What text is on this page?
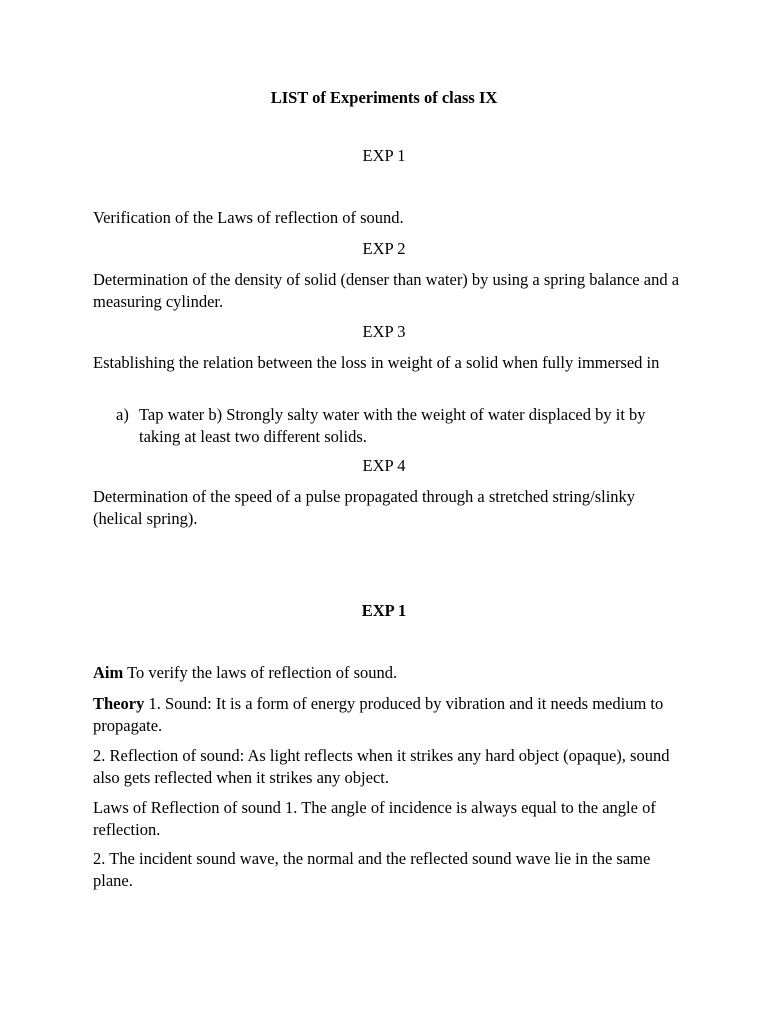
LIST of Experiments of class IX
EXP 1
Verification of the Laws of reflection of sound.
EXP 2
Determination of the density of solid (denser than water) by using a spring balance and a measuring cylinder.
EXP 3
Establishing the relation between the loss in weight of a solid when fully immersed in
a) Tap water b) Strongly salty water with the weight of water displaced by it by taking at least two different solids.
EXP 4
Determination of the speed of a pulse propagated through a stretched string/slinky (helical spring).
EXP 1
Aim To verify the laws of reflection of sound.
Theory 1. Sound: It is a form of energy produced by vibration and it needs medium to propagate.
2. Reflection of sound: As light reflects when it strikes any hard object (opaque), sound also gets reflected when it strikes any object.
Laws of Reflection of sound 1. The angle of incidence is always equal to the angle of reflection.
2. The incident sound wave, the normal and the reflected sound wave lie in the same plane.
